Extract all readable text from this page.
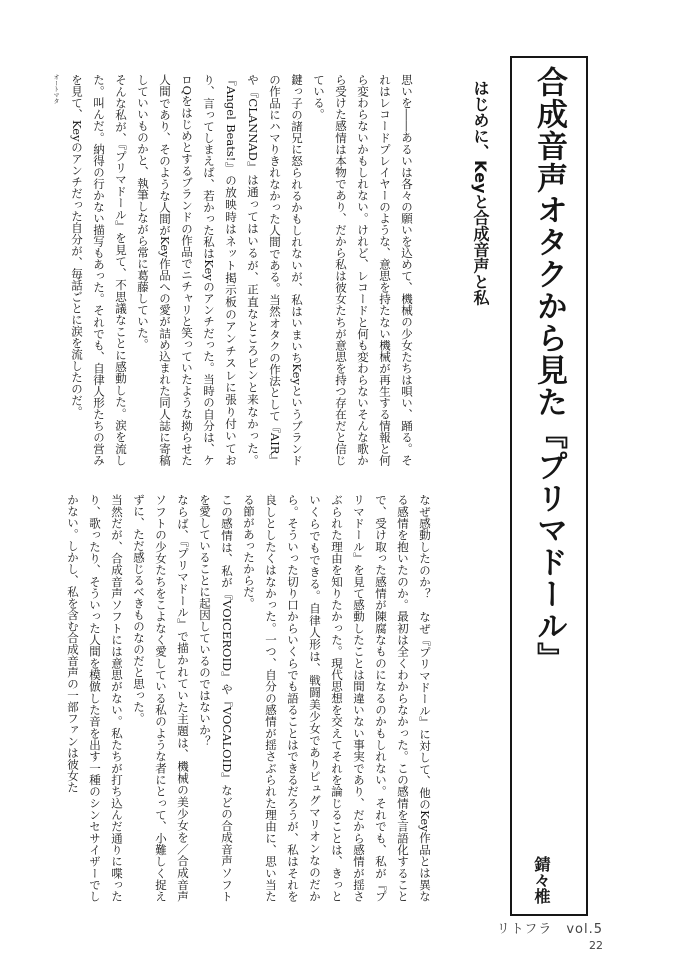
合成音声オタクから見た『プリマドール』
錆々椎
はじめに、Keyと合成音声と私

思いを――あるいは各々の願いを込めて、機械の少女たちは唄い、踊る。それはレコードプレイヤーのような、意思を持たない機械が再生する情報と何ら変わらないかもしれない。けれど、レコードと何も変わらないそんな歌から受けた感情は本物であり、だから私は彼女たちが意思を持つ存在だと信じている。

鍵っ子の諸兄に怒られるかもしれないが、私はいまいちKeyというブランドの作品にハマりきれなかった人間である。当然オタクの作法として『AIR』や『CLANNAD』は通ってはいるが、正直なところピンと来なかった。『Angel Beats!』の放映時はネット掲示板のアンチスレに張り付いており、言ってしまえば、若かった私はKeyのアンチだった。当時の自分は、ケロQをはじめとするブランドの作品でニチャリと笑っていたような拗らせた人間であり、そのような人間がKey作品への愛が詰め込まれた同人誌に寄稿していいものかと、執筆しながら常に葛藤していた。

そんな私が、『プリマドール』を見て、不思議なことに感動した。涙を流した。叫んだ。納得の行かない描写もあった。それでも、自律人形たちの営みを見て、Keyのアンチだった自分が、毎話ごとに涙を流したのだ。

オートマタ

なぜ感動したのか？　なぜ『プリマドール』に対して、他のKey作品とは異なる感情を抱いたのか。最初は全くわからなかった。この感情を言語化することで、受け取った感情が陳腐なものになるのかもしれない。それでも、私が『プリマドール』を見て感動したことは間違いない事実であり、だから感情が揺さぶられた理由を知りたかった。現代思想を交えてそれを論じることは、きっといくらでもできる。自律人形は、戦闘美少女でありピュグマリオンなのだから。そういった切り口からいくらでも語ることはできるだろうが、私はそれを良しとしたくはなかった。一つ、自分の感情が揺さぶられた理由に、思い当たる節があったからだ。

この感情は、私が『VOICEROID』や『VOCALOID』などの合成音声ソフトを愛していることに起因しているのではないか？

ならば、『プリマドール』で描かれていた主題は、機械の美少女を／合成音声ソフトの少女たちをこよなく愛している私のような者にとって、小難しく捉えずに、ただ感じるべきものなのだと思った。

当然だが、合成音声ソフトには意思がない。私たちが打ち込んだ通りに喋ったり、歌ったり、そういった人間を模倣した音を出す一種のシンセサイザーでしかない。しかし、私を含む合成音声の一部ファンは彼女た

リトフラ　vol.5
22
